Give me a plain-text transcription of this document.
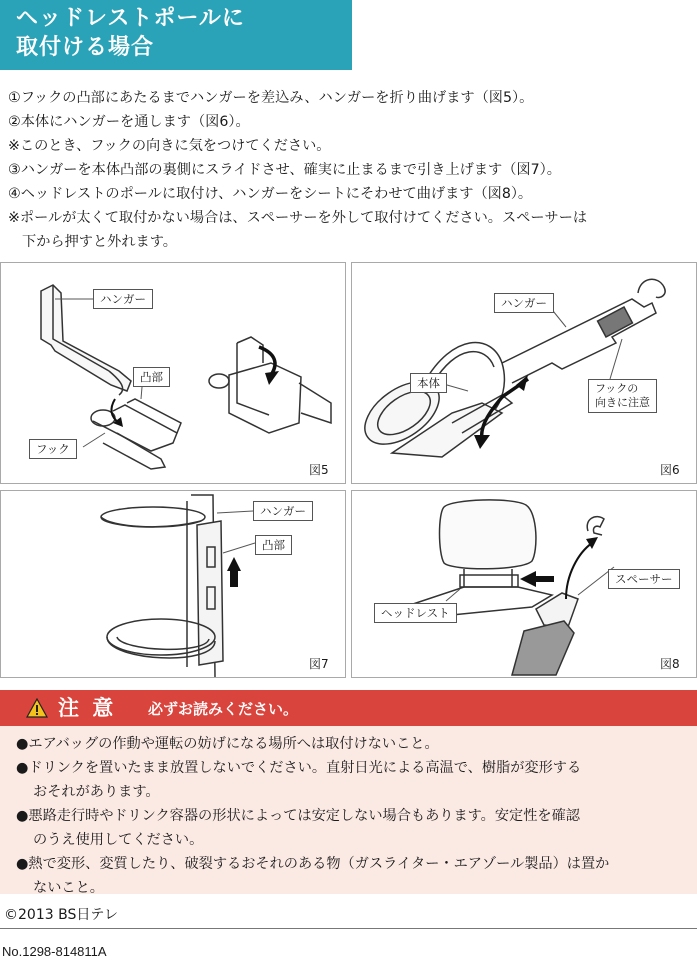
ヘッドレストポールに
取付ける場合
①フックの凸部にあたるまでハンガーを差込み、ハンガーを折り曲げます（図5）。
②本体にハンガーを通します（図6）。
※このとき、フックの向きに気をつけてください。
③ハンガーを本体凸部の裏側にスライドさせ、確実に止まるまで引き上げます（図7）。
④ヘッドレストのポールに取付け、ハンガーをシートにそわせて曲げます（図8）。
※ポールが太くて取付かない場合は、スペーサーを外して取付けてください。スペーサーは
下から押すと外れます。
ハンガー
凸部
フック
図5
ハンガー
本体	フックの
向きに注意
図6
ハンガー
凸部
図7
スペーサー
ヘッドレスト
図8
注 意 必ずお読みください。
●エアバッグの作動や運転の妨げになる場所へは取付けないこと。
●ドリンクを置いたまま放置しないでください。直射日光による高温で、樹脂が変形する
おそれがあります。
●悪路走行時やドリンク容器の形状によっては安定しない場合もあります。安定性を確認
のうえ使用してください。
●熱で変形、変質したり、破裂するおそれのある物（ガスライター・エアゾール製品）は置か
ないこと。
©2013 BS日テレ
No.1298-814811A
